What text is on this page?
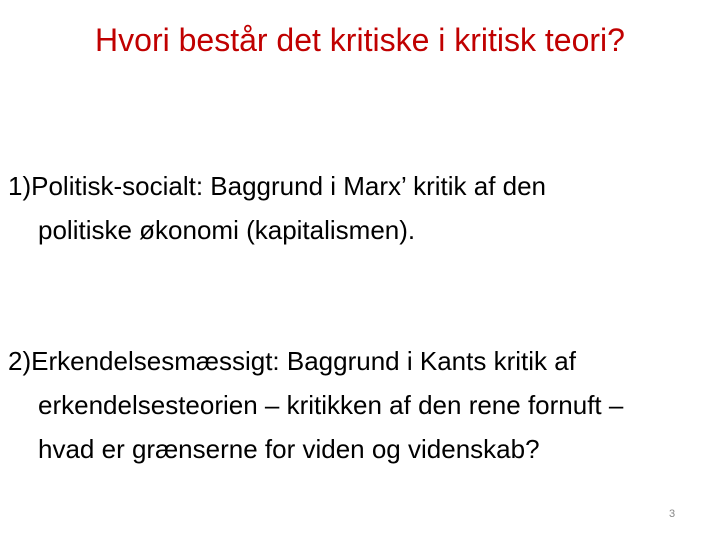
Hvori består det kritiske i kritisk teori?
1)Politisk-socialt: Baggrund i Marx’ kritik af den
politiske økonomi (kapitalismen).
2)Erkendelsesmæssigt: Baggrund i Kants kritik af
erkendelsesteorien – kritikken af den rene fornuft –
hvad er grænserne for viden og videnskab?
3
